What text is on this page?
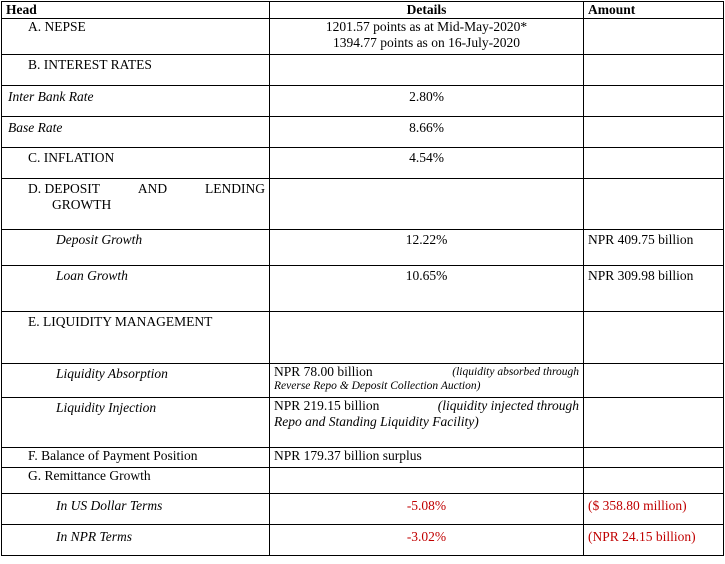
Head	Details	Amount
A. NEPSE	1201.57 points as at Mid-May-2020*
1394.77 points as on 16-July-2020	

B. INTEREST RATES		
Inter Bank Rate	2.80%	
Base Rate	8.66%	
C. INFLATION	4.54%	

D. DEPOSIT AND LENDING
GROWTH		

Deposit Growth	12.22%	NPR 409.75 billion
Loan Growth	10.65%	NPR 309.98 billion
E. LIQUIDITY MANAGEMENT		
Liquidity Absorption	NPR 78.00 billion (liquidity absorbed through
Reverse Repo & Deposit Collection Auction)	

Liquidity Injection	NPR 219.15 billion (liquidity injected through
Repo and Standing Liquidity Facility)	

F. Balance of Payment Position	NPR 179.37 billion surplus	
G. Remittance Growth		
In US Dollar Terms	-5.08%	($ 358.80 million)
In NPR Terms	-3.02%	(NPR 24.15 billion)
